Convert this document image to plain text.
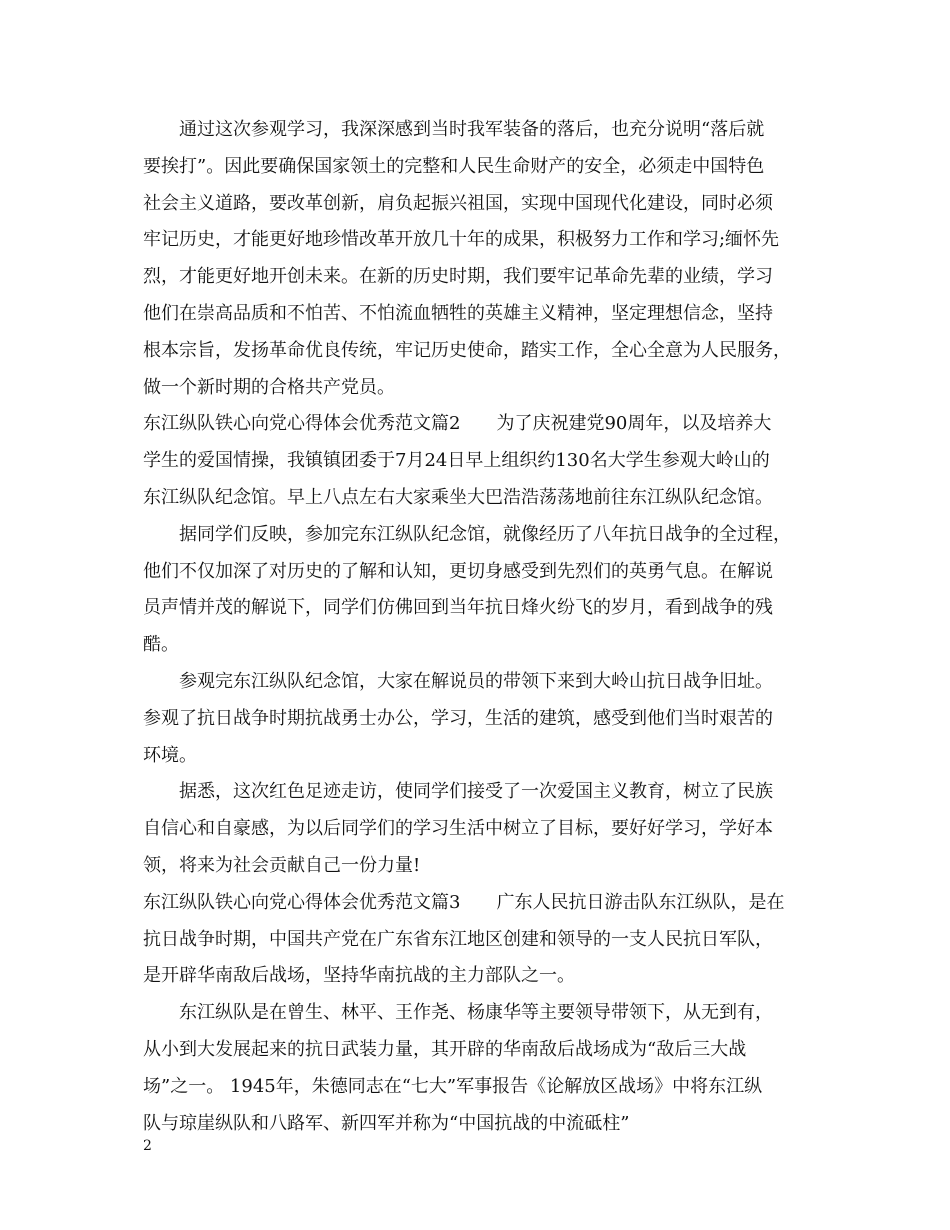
　　通过这次参观学习，我深深感到当时我军装备的落后，也充分说明“落后就
要挨打”。因此要确保国家领土的完整和人民生命财产的安全，必须走中国特色
社会主义道路，要改革创新，肩负起振兴祖国，实现中国现代化建设，同时必须
牢记历史，才能更好地珍惜改革开放几十年的成果，积极努力工作和学习;缅怀先
烈，才能更好地开创未来。在新的历史时期，我们要牢记革命先辈的业绩，学习
他们在崇高品质和不怕苦、不怕流血牺牲的英雄主义精神，坚定理想信念，坚持
根本宗旨，发扬革命优良传统，牢记历史使命，踏实工作，全心全意为人民服务，
做一个新时期的合格共产党员。
东江纵队铁心向党心得体会优秀范文篇2　　为了庆祝建党90周年，以及培养大
学生的爱国情操，我镇镇团委于7月24日早上组织约130名大学生参观大岭山的
东江纵队纪念馆。早上八点左右大家乘坐大巴浩浩荡荡地前往东江纵队纪念馆。
　　据同学们反映，参加完东江纵队纪念馆，就像经历了八年抗日战争的全过程，
他们不仅加深了对历史的了解和认知，更切身感受到先烈们的英勇气息。在解说
员声情并茂的解说下，同学们仿佛回到当年抗日烽火纷飞的岁月，看到战争的残
酷。
　　参观完东江纵队纪念馆，大家在解说员的带领下来到大岭山抗日战争旧址。
参观了抗日战争时期抗战勇士办公，学习，生活的建筑，感受到他们当时艰苦的
环境。
　　据悉，这次红色足迹走访，使同学们接受了一次爱国主义教育，树立了民族
自信心和自豪感，为以后同学们的学习生活中树立了目标，要好好学习，学好本
领，将来为社会贡献自己一份力量!
东江纵队铁心向党心得体会优秀范文篇3　　广东人民抗日游击队东江纵队，是在
抗日战争时期，中国共产党在广东省东江地区创建和领导的一支人民抗日军队，
是开辟华南敌后战场，坚持华南抗战的主力部队之一。
　　东江纵队是在曾生、林平、王作尧、杨康华等主要领导带领下，从无到有，
从小到大发展起来的抗日武装力量，其开辟的华南敌后战场成为“敌后三大战
场”之一。 1945年，朱德同志在“七大”军事报告《论解放区战场》中将东江纵
队与琼崖纵队和八路军、新四军并称为“中国抗战的中流砥柱”
2
